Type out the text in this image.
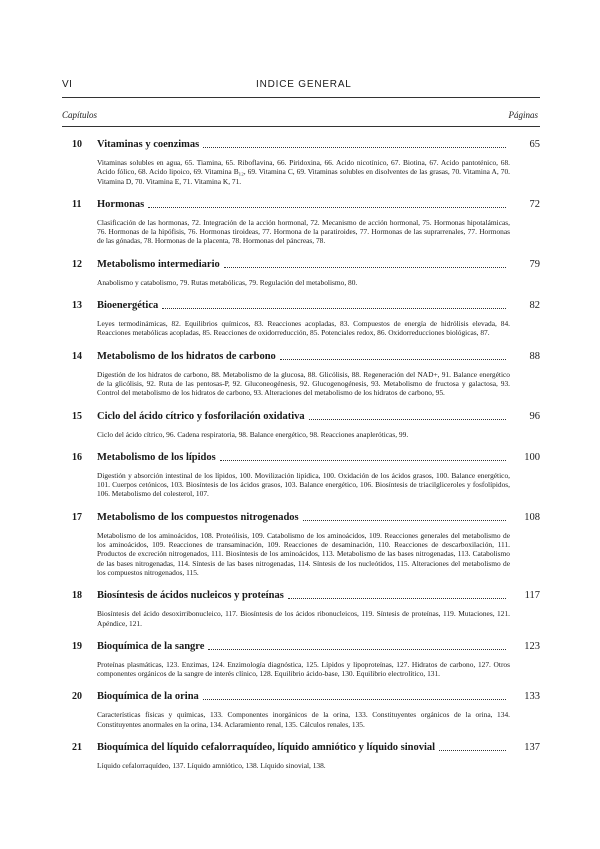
VI	INDICE GENERAL
Capítulos	Páginas
10	Vitaminas y coenzimas	65
Vitaminas solubles en agua, 65. Tiamina, 65. Riboflavina, 66. Piridoxina, 66. Acido nicotínico, 67. Biotina, 67. Acido pantoténico, 68. Acido fólico, 68. Acido lipoico, 69. Vitamina B₁₂, 69. Vitamina C, 69. Vitaminas solubles en disolventes de las grasas, 70. Vitamina A, 70. Vitamina D, 70. Vitamina E, 71. Vitamina K, 71.
11	Hormonas	72
Clasificación de las hormonas, 72. Integración de la acción hormonal, 72. Mecanismo de acción hormonal, 75. Hormonas hipotalámicas, 76. Hormonas de la hipófisis, 76. Hormonas tiroideas, 77. Hormona de la paratiroides, 77. Hormonas de las suprarrenales, 77. Hormonas de las gónadas, 78. Hormonas de la placenta, 78. Hormonas del páncreas, 78.
12	Metabolismo intermediario	79
Anabolismo y catabolismo, 79. Rutas metabólicas, 79. Regulación del metabolismo, 80.
13	Bioenergética	82
Leyes termodinámicas, 82. Equilibrios químicos, 83. Reacciones acopladas, 83. Compuestos de energía de hidrólisis elevada, 84. Reacciones metabólicas acopladas, 85. Reacciones de oxidorreducción, 85. Potenciales redox, 86. Oxidorreducciones biológicas, 87.
14	Metabolismo de los hidratos de carbono	88
Digestión de los hidratos de carbono, 88. Metabolismo de la glucosa, 88. Glicólisis, 88. Regeneración del NAD+, 91. Balance energético de la glicólisis, 92. Ruta de las pentosas-P, 92. Gluconeogénesis, 92. Glucogenogénesis, 93. Metabolismo de fructosa y galactosa, 93. Control del metabolismo de los hidratos de carbono, 93. Alteraciones del metabolismo de los hidratos de carbono, 95.
15	Ciclo del ácido cítrico y fosforilación oxidativa	96
Ciclo del ácido cítrico, 96. Cadena respiratoria, 98. Balance energético, 98. Reacciones anapleróticas, 99.
16	Metabolismo de los lípidos	100
Digestión y absorción intestinal de los lípidos, 100. Movilización lipídica, 100. Oxidación de los ácidos grasos, 100. Balance energético, 101. Cuerpos cetónicos, 103. Biosíntesis de los ácidos grasos, 103. Balance energético, 106. Biosíntesis de triacilgliceroles y fosfolípidos, 106. Metabolismo del colesterol, 107.
17	Metabolismo de los compuestos nitrogenados	108
Metabolismo de los aminoácidos, 108. Proteólisis, 109. Catabolismo de los aminoácidos, 109. Reacciones generales del metabolismo de los aminoácidos, 109. Reacciones de transaminación, 109. Reacciones de desaminación, 110. Reacciones de descarboxilación, 111. Productos de excreción nitrogenados, 111. Biosíntesis de los aminoácidos, 113. Metabolismo de las bases nitrogenadas, 113. Catabolismo de las bases nitrogenadas, 114. Síntesis de las bases nitrogenadas, 114. Síntesis de los nucleótidos, 115. Alteraciones del metabolismo de los compuestos nitrogenados, 115.
18	Biosíntesis de ácidos nucleicos y proteínas	117
Biosíntesis del ácido desoxirribonucleico, 117. Biosíntesis de los ácidos ribonucleicos, 119. Síntesis de proteínas, 119. Mutaciones, 121. Apéndice, 121.
19	Bioquímica de la sangre	123
Proteínas plasmáticas, 123. Enzimas, 124. Enzimología diagnóstica, 125. Lípidos y lipoproteínas, 127. Hidratos de carbono, 127. Otros componentes orgánicos de la sangre de interés clínico, 128. Equilibrio ácido-base, 130. Equilibrio electrolítico, 131.
20	Bioquímica de la orina	133
Características físicas y químicas, 133. Componentes inorgánicos de la orina, 133. Constituyentes orgánicos de la orina, 134. Constituyentes anormales en la orina, 134. Aclaramiento renal, 135. Cálculos renales, 135.
21	Bioquímica del líquido cefalorraquídeo, líquido amniótico y líquido sinovial	137
Líquido cefalorraquídeo, 137. Líquido amniótico, 138. Líquido sinovial, 138.
